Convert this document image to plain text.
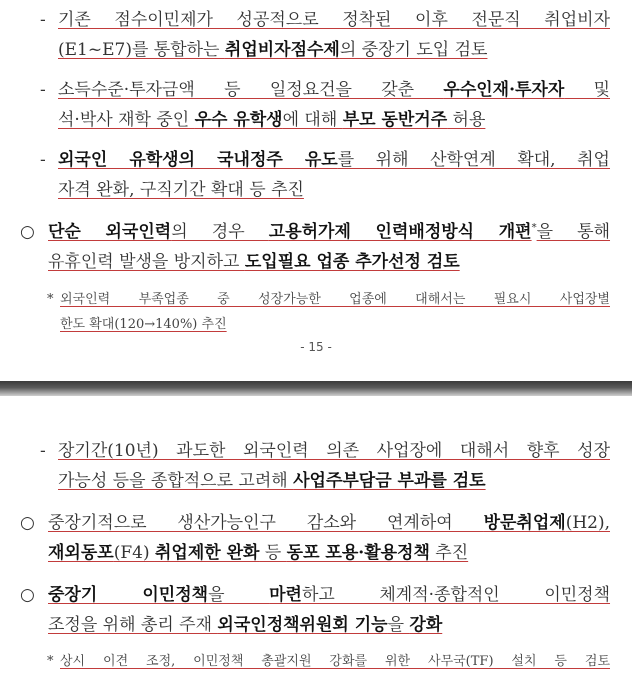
- 기존 점수이민제가 성공적으로 정착된 이후 전문직 취업비자
(E1~E7)를 통합하는 취업비자점수제의 중장기 도입 검토
- 소득수준·투자금액 등 일정요건을 갖춘 우수인재·투자자 및
석·박사 재학 중인 우수 유학생에 대해 부모 동반거주 허용
- 외국인 유학생의 국내정주 유도를 위해 산학연계 확대, 취업
자격 완화, 구직기간 확대 등 추진
○ 단순 외국인력의 경우 고용허가제 인력배정방식 개편*을 통해
유휴인력 발생을 방지하고 도입필요 업종 추가선정 검토
* 외국인력 부족업종 중 성장가능한 업종에 대해서는 필요시 사업장별
한도 확대(120→140%) 추진
- 15 -
- 장기간(10년) 과도한 외국인력 의존 사업장에 대해서 향후 성장
가능성 등을 종합적으로 고려해 사업주부담금 부과를 검토
○ 중장기적으로 생산가능인구 감소와 연계하여 방문취업제(H2),
재외동포(F4) 취업제한 완화 등 동포 포용·활용정책 추진
○ 중장기 이민정책을 마련하고 체계적·종합적인 이민정책
조정을 위해 총리 주재 외국인정책위원회 기능을 강화
* 상시 이견 조정, 이민정책 총괄지원 강화를 위한 사무국(TF) 설치 등 검토
